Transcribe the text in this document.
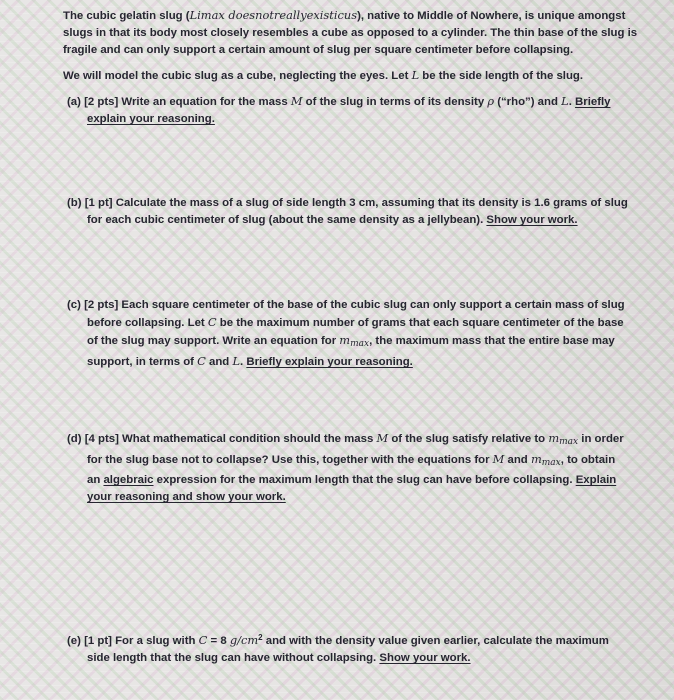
The cubic gelatin slug (Limax doesnotreallyexisticus), native to Middle of Nowhere, is unique amongst
slugs in that its body most closely resembles a cube as opposed to a cylinder. The thin base of the slug is
fragile and can only support a certain amount of slug per square centimeter before collapsing.
We will model the cubic slug as a cube, neglecting the eyes. Let L be the side length of the slug.
(a) [2 pts] Write an equation for the mass M of the slug in terms of its density ρ (“rho”) and L. Briefly
explain your reasoning.
(b) [1 pt] Calculate the mass of a slug of side length 3 cm, assuming that its density is 1.6 grams of slug
for each cubic centimeter of slug (about the same density as a jellybean). Show your work.
(c) [2 pts] Each square centimeter of the base of the cubic slug can only support a certain mass of slug
before collapsing. Let C be the maximum number of grams that each square centimeter of the base
of the slug may support. Write an equation for mmax, the maximum mass that the entire base may
support, in terms of C and L. Briefly explain your reasoning.
(d) [4 pts] What mathematical condition should the mass M of the slug satisfy relative to mmax in order
for the slug base not to collapse? Use this, together with the equations for M and mmax, to obtain
an algebraic expression for the maximum length that the slug can have before collapsing. Explain
your reasoning and show your work.
(e) [1 pt] For a slug with C = 8 $g/cm^2$ and with the density value given earlier, calculate the maximum
side length that the slug can have without collapsing. Show your work.
